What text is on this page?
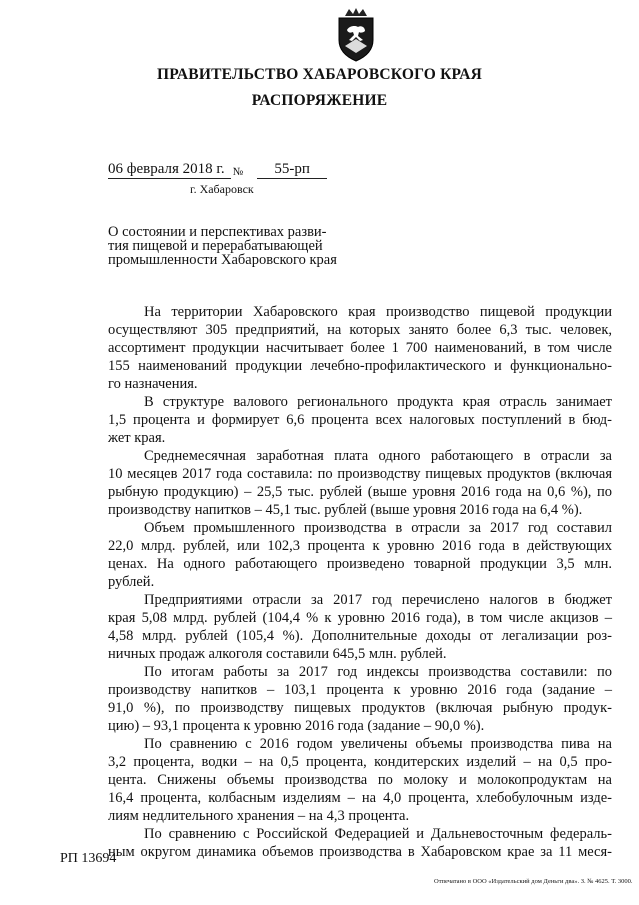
ПРАВИТЕЛЬСТВО ХАБАРОВСКОГО КРАЯ
РАСПОРЯЖЕНИЕ
06 февраля 2018 г. № 55-рп
г. Хабаровск
О состоянии и перспективах разви-
тия пищевой и перерабатывающей
промышленности Хабаровского края
На территории Хабаровского края производство пищевой продукции
осуществляют 305 предприятий, на которых занято более 6,3 тыс. человек,
ассортимент продукции насчитывает более 1 700 наименований, в том числе
155 наименований продукции лечебно-профилактического и функционально-
го назначения.
В структуре валового регионального продукта края отрасль занимает
1,5 процента и формирует 6,6 процента всех налоговых поступлений в бюд-
жет края.
Среднемесячная заработная плата одного работающего в отрасли за
10 месяцев 2017 года составила: по производству пищевых продуктов (включая
рыбную продукцию) – 25,5 тыс. рублей (выше уровня 2016 года на 0,6 %), по
производству напитков – 45,1 тыс. рублей (выше уровня 2016 года на 6,4 %).
Объем промышленного производства в отрасли за 2017 год составил
22,0 млрд. рублей, или 102,3 процента к уровню 2016 года в действующих
ценах. На одного работающего произведено товарной продукции 3,5 млн.
рублей.
Предприятиями отрасли за 2017 год перечислено налогов в бюджет
края 5,08 млрд. рублей (104,4 % к уровню 2016 года), в том числе акцизов –
4,58 млрд. рублей (105,4 %). Дополнительные доходы от легализации роз-
ничных продаж алкоголя составили 645,5 млн. рублей.
По итогам работы за 2017 год индексы производства составили: по
производству напитков – 103,1 процента к уровню 2016 года (задание –
91,0 %), по производству пищевых продуктов (включая рыбную продук-
цию) – 93,1 процента к уровню 2016 года (задание – 90,0 %).
По сравнению с 2016 годом увеличены объемы производства пива на
3,2 процента, водки – на 0,5 процента, кондитерских изделий – на 0,5 про-
цента. Снижены объемы производства по молоку и молокопродуктам на
16,4 процента, колбасным изделиям – на 4,0 процента, хлебобулочным изде-
лиям недлительного хранения – на 4,3 процента.
По сравнению с Российской Федерацией и Дальневосточным федераль-
ным округом динамика объемов производства в Хабаровском крае за 11 меся-
РП 13694
Отпечатано в ООО «Издательский дом Деньги два». З. № 4625. Т. 3000.
